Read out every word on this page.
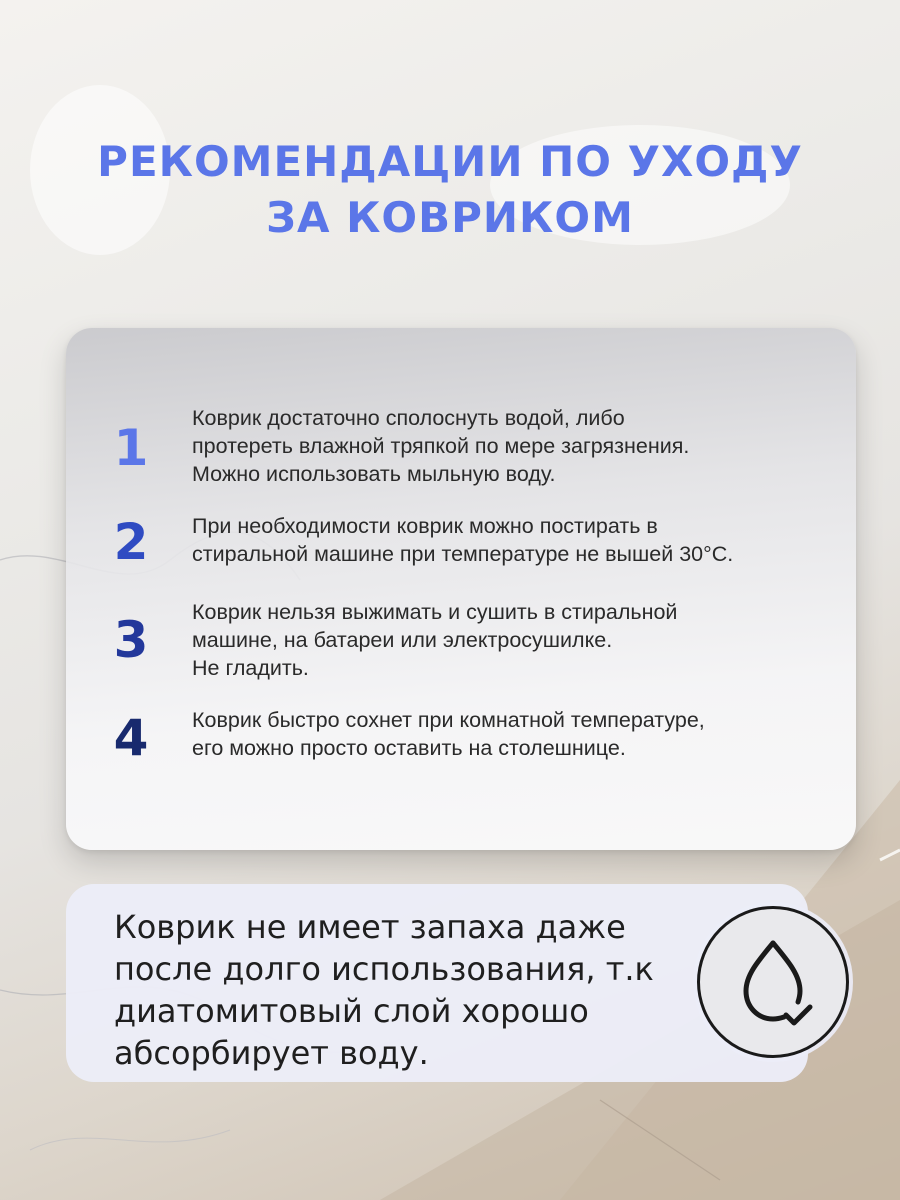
РЕКОМЕНДАЦИИ ПО УХОДУ
ЗА КОВРИКОМ
1
Коврик достаточно сполоснуть водой, либо
протереть влажной тряпкой по мере загрязнения.
Можно использовать мыльную воду.
2	При необходимости коврик можно постирать в
стиральной машине при температуре не вышей 30°С.
3	Коврик нельзя выжимать и сушить в стиральной
машине, на батареи или электросушилке.
Не гладить.
4	Коврик быстро сохнет при комнатной температуре,
его можно просто оставить на столешнице.
Коврик не имеет запаха даже
после долго использования, т.к
диатомитовый слой хорошо
абсорбирует воду.
